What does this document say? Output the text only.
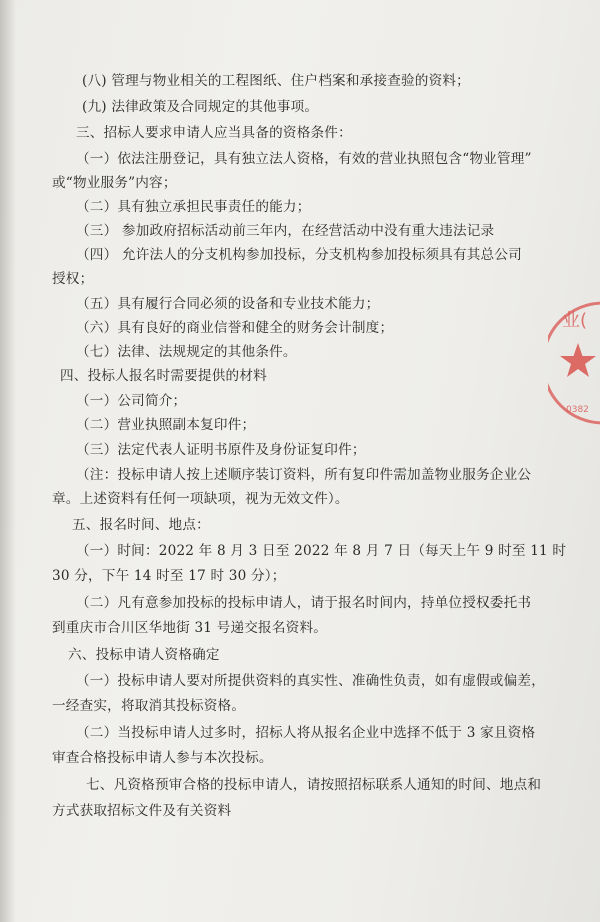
(八) 管理与物业相关的工程图纸、住户档案和承接查验的资料；
(九) 法律政策及合同规定的其他事项。
三、招标人要求申请人应当具备的资格条件：
（一）依法注册登记，具有独立法人资格，有效的营业执照包含“物业管理”
或“物业服务”内容；
（二）具有独立承担民事责任的能力；
（三） 参加政府招标活动前三年内，在经营活动中没有重大违法记录
（四） 允许法人的分支机构参加投标，分支机构参加投标须具有其总公司
授权；
（五）具有履行合同必须的设备和专业技术能力；
（六）具有良好的商业信誉和健全的财务会计制度；
（七）法律、法规规定的其他条件。
四、投标人报名时需要提供的材料
（一）公司简介；
（二）营业执照副本复印件；
（三）法定代表人证明书原件及身份证复印件；
（注：投标申请人按上述顺序装订资料，所有复印件需加盖物业服务企业公
章。上述资料有任何一项缺项，视为无效文件）。
五、报名时间、地点：
（一）时间：2022 年 8 月 3 日至 2022 年 8 月 7 日（每天上午 9 时至 11 时
30 分，下午 14 时至 17 时 30 分）；
（二）凡有意参加投标的投标申请人，请于报名时间内，持单位授权委托书
到重庆市合川区华地街 31 号递交报名资料。
六、投标申请人资格确定
（一）投标申请人要对所提供资料的真实性、准确性负责，如有虚假或偏差，
一经查实，将取消其投标资格。
（二）当投标申请人过多时，招标人将从报名企业中选择不低于 3 家且资格
审查合格投标申请人参与本次投标。
七、凡资格预审合格的投标申请人，请按照招标联系人通知的时间、地点和
方式获取招标文件及有关资料
业(
0382
